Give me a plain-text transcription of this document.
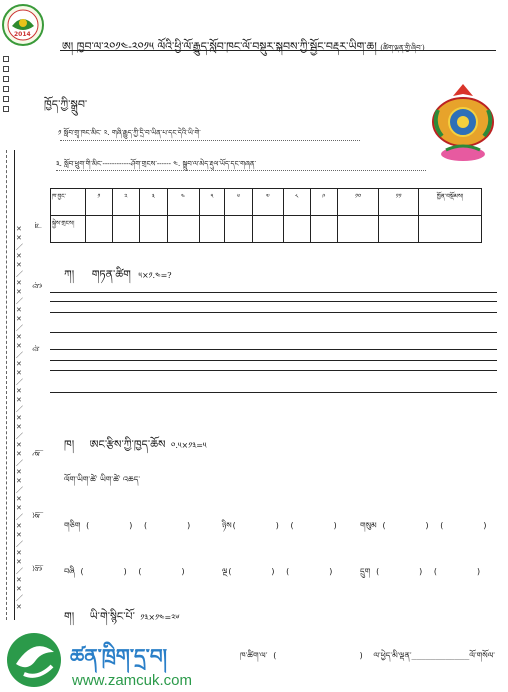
ཁ་
ཕྱི་
ཡི་
ཐེ།
ཐོ།
ཕྱོ།
✕
✕
／
✕
✕
／
✕
✕
／
✕
✕
／
✕
✕
／
✕
✕
／
✕
✕
／
✕
✕
／
✕
✕
／
✕
✕
／
✕
✕
／
✕
✕
／
✕
✕
／
✕
✕
／
✕
2014
ཨ། ཁྱབ་ལ་༢༠༡༤-༢༠༡༥ ལོའི་ཕྱི་ལོ་རྒྱུད་སློབ་ཁང་ལོ་བསྡུར་སྐབས་ཀྱི་སྦྱོང་བརྡར་ཡིག་ཆ། (ཚིག་ལྡན་གྱི་ཞིབ་)
ཁྱོད་ཀྱི་སྒྲུབ་
༡ སློབ་གྲྭ་ཁང་མིང་ ༢. གཞི་རྒྱུད་ཀྱི་དྲི་བ་ཡིན་པ་དང་དེའི་ཡི་གེ་
༣. སློབ་ཕྲུག་གི་མིང་------------ཤོག་གྲངས་------ ༤. སྒྲུབ་ལ་མེད་རྡུལ་ཡོད་དང་གཞན་
ཁ་བྱང་	༡	༢	༣	༤	༥	༦	༧	༨	༩	༡༠	༡༡	ཁྱོན་བསྡོམས།
སྐྱེས་གྲངས།												
ཀ། གཏན་ཚིག ༥×༡.༤=?
ཁ། ཨང་རྩིས་ཀྱི་ཁྱད་ཆོས ༠.༥×༡༣=༥
ལོག་ཡིག་ཚེ་ ཡིག་ཚེ་ འཆད་
གཅིག (        )  (        )	ཉིས(        )  (        )	གསུམ (        )  (        )
བཞི (        )  (        )	ལྔ(        )  (        )	དྲུག (        )  (        )
ག། ཡི་གེ་སྙིང་པོ་ ༡༣×༡༤=༢༦
ཁ་ཚིག་ལ་ (                 )  ལ་ཕྱེད་མི་ལྡན་____________ལོ་གསོལ་
ཚན་ཁྲིག་དྲ་བ།
www.zamcuk.com
